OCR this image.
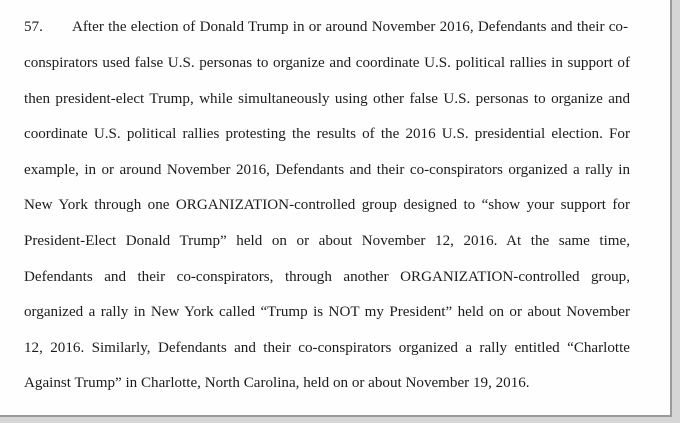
57. After the election of Donald Trump in or around November 2016, Defendants and their co-
conspirators used false U.S. personas to organize and coordinate U.S. political rallies in support of
then president-elect Trump, while simultaneously using other false U.S. personas to organize and
coordinate U.S. political rallies protesting the results of the 2016 U.S. presidential election. For
example, in or around November 2016, Defendants and their co-conspirators organized a rally in
New York through one ORGANIZATION-controlled group designed to “show your support for
President-Elect Donald Trump” held on or about November 12, 2016. At the same time,
Defendants and their co-conspirators, through another ORGANIZATION-controlled group,
organized a rally in New York called “Trump is NOT my President” held on or about November
12, 2016. Similarly, Defendants and their co-conspirators organized a rally entitled “Charlotte
Against Trump” in Charlotte, North Carolina, held on or about November 19, 2016.
